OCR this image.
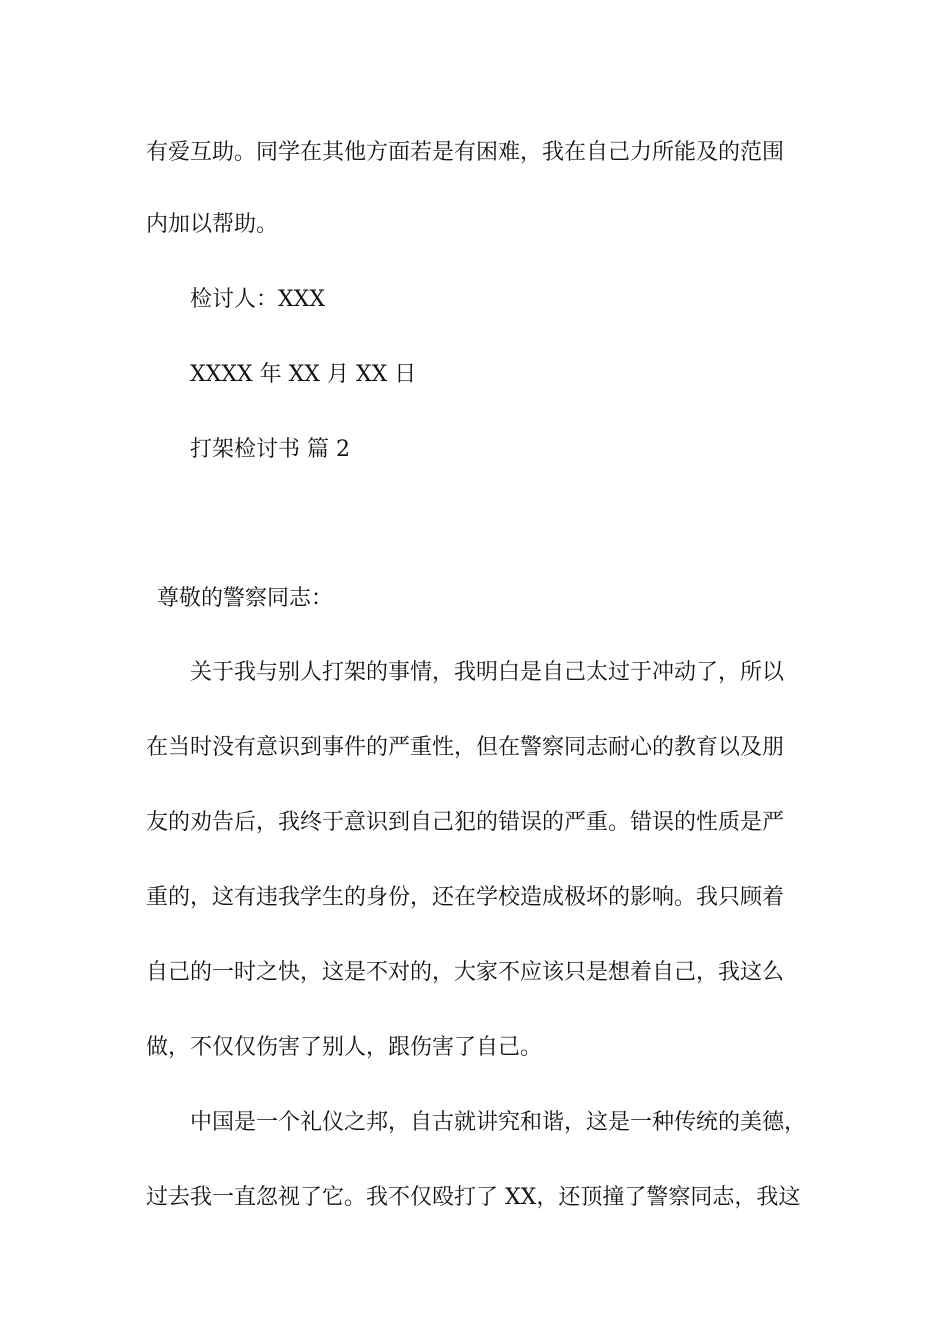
有爱互助。同学在其他方面若是有困难，我在自己力所能及的范围
内加以帮助。
检讨人：XXX
XXXX 年 XX 月 XX 日
打架检讨书 篇 2
尊敬的警察同志：
关于我与别人打架的事情，我明白是自己太过于冲动了，所以
在当时没有意识到事件的严重性，但在警察同志耐心的教育以及朋
友的劝告后，我终于意识到自己犯的错误的严重。错误的性质是严
重的，这有违我学生的身份，还在学校造成极坏的影响。我只顾着
自己的一时之快，这是不对的，大家不应该只是想着自己，我这么
做，不仅仅伤害了别人，跟伤害了自己。
中国是一个礼仪之邦，自古就讲究和谐，这是一种传统的美德，
过去我一直忽视了它。我不仅殴打了 XX，还顶撞了警察同志，我这
